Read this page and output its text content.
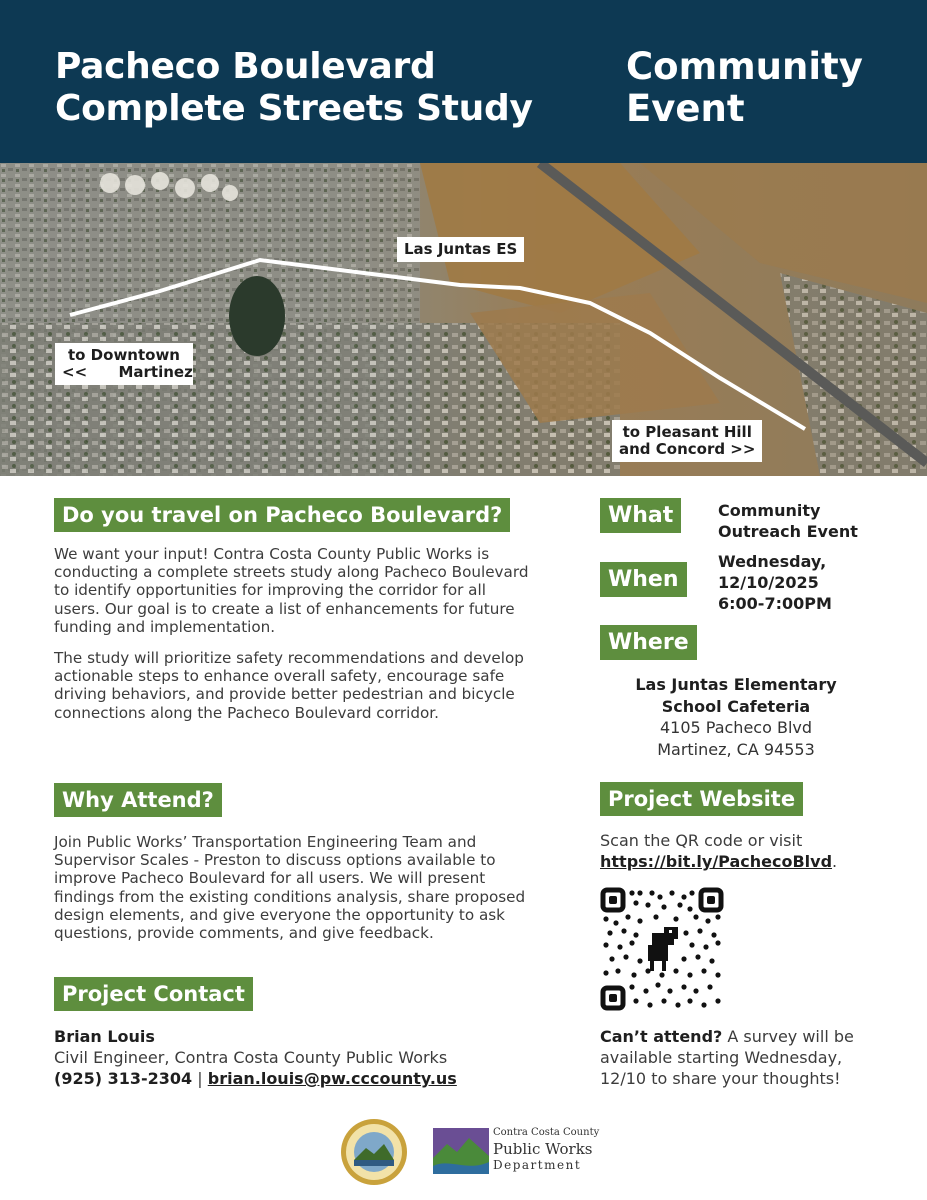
Pacheco Boulevard
Complete Streets Study
Community
Event
Las Juntas ES
to Downtown
<<      Martinez
to Pleasant Hill
and Concord >>
Do you travel on Pacheco Boulevard?

We want your input! Contra Costa County Public Works is conducting a complete streets study along Pacheco Boulevard to identify opportunities for improving the corridor for all users. Our goal is to create a list of enhancements for future funding and implementation.

The study will prioritize safety recommendations and develop actionable steps to enhance overall safety, encourage safe driving behaviors, and provide better pedestrian and bicycle connections along the Pacheco Boulevard corridor.

Why Attend?

Join Public Works’ Transportation Engineering Team and Supervisor Scales - Preston to discuss options available to improve Pacheco Boulevard for all users. We will present findings from the existing conditions analysis, share proposed design elements, and give everyone the opportunity to ask questions, provide comments, and give feedback.

Project Contact
Brian Louis
Civil Engineer, Contra Costa County Public Works
(925) 313-2304 | brian.louis@pw.cccounty.us
What	Community
Outreach Event
When
Wednesday,
12/10/2025
6:00-7:00PM
Where
Las Juntas Elementary
School Cafeteria
4105 Pacheco Blvd
Martinez, CA 94553
Project Website
Scan the QR code or visit
https://bit.ly/PachecoBlvd.
Can’t attend? A survey will be available starting Wednesday, 12/10 to share your thoughts!
Contra Costa County
Public Works
Department
